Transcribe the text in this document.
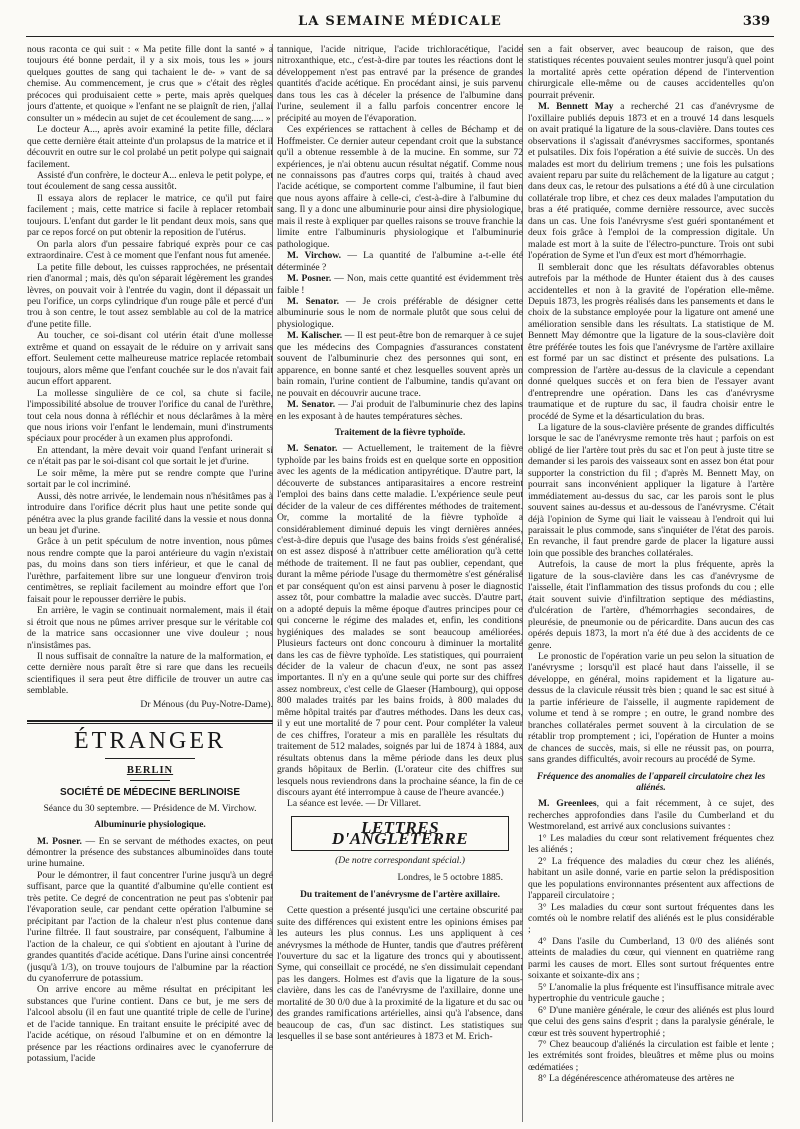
LA SEMAINE MÉDICALE	339

nous raconta ce qui suit : « Ma petite fille dont la santé » a toujours été bonne perdait, il y a six mois, tous les » jours quelques gouttes de sang qui tachaient le de- » vant de sa chemise. Au commencement, je crus que » c'était des règles précoces qui produisaient cette » perte, mais après quelques jours d'attente, et quoique » l'enfant ne se plaignît de rien, j'allai consulter un » médecin au sujet de cet écoulement de sang..... »

Le docteur A..., après avoir examiné la petite fille, déclara que cette dernière était atteinte d'un prolapsus de la matrice et il découvrit en outre sur le col prolabé un petit polype qui saignait facilement.

Assisté d'un confrère, le docteur A... enleva le petit polype, et tout écoulement de sang cessa aussitôt.

Il essaya alors de replacer le matrice, ce qu'il put faire facilement ; mais, cette matrice si facile à replacer retombait toujours. L'enfant dut garder le lit pendant deux mois, sans que par ce repos forcé on put obtenir la reposition de l'utérus.

On parla alors d'un pessaire fabriqué exprès pour ce cas extraordinaire. C'est à ce moment que l'enfant nous fut amenée.

La petite fille debout, les cuisses rapprochées, ne présentait rien d'anormal ; mais, dès qu'on séparait légèrement les grandes lèvres, on pouvait voir à l'entrée du vagin, dont il dépassait un peu l'orifice, un corps cylindrique d'un rouge pâle et percé d'un trou à son centre, le tout assez semblable au col de la matrice d'une petite fille.

Au toucher, ce soi-disant col utérin était d'une mollesse extrême et quand on essayait de le réduire on y arrivait sans effort. Seulement cette malheureuse matrice replacée retombait toujours, alors même que l'enfant couchée sur le dos n'avait fait aucun effort apparent.

La mollesse singulière de ce col, sa chute si facile, l'impossibilité absolue de trouver l'orifice du canal de l'urèthre, tout cela nous donna à réfléchir et nous déclarâmes à la mère que nous irions voir l'enfant le lendemain, muni d'instruments spéciaux pour procéder à un examen plus approfondi.

En attendant, la mère devait voir quand l'enfant urinerait si ce n'était pas par le soi-disant col que sortait le jet d'urine.

Le soir même, la mère put se rendre compte que l'urine sortait par le col incriminé.

Aussi, dès notre arrivée, le lendemain nous n'hésitâmes pas à introduire dans l'orifice décrit plus haut une petite sonde qui pénétra avec la plus grande facilité dans la vessie et nous donna un beau jet d'urine.

Grâce à un petit spéculum de notre invention, nous pûmes nous rendre compte que la paroi antérieure du vagin n'existait pas, du moins dans son tiers inférieur, et que le canal de l'urèthre, parfaitement libre sur une longueur d'environ trois centimètres, se repliait facilement au moindre effort que l'on faisait pour le repousser derrière le pubis.

En arrière, le vagin se continuait normalement, mais il était si étroit que nous ne pûmes arriver presque sur le véritable col de la matrice sans occasionner une vive douleur ; nous n'insistâmes pas.

Il nous suffisait de connaître la nature de la malformation, et cette dernière nous paraît être si rare que dans les recueils scientifiques il sera peut être difficile de trouver un autre cas semblable.

Dr Ménous (du Puy-Notre-Dame).

ÉTRANGER
BERLIN
SOCIÉTÉ DE MÉDECINE BERLINOISE

Séance du 30 septembre. — Présidence de M. Virchow.

Albuminurie physiologique.

M. Posner. — En se servant de méthodes exactes, on peut démontrer la présence des substances albuminoïdes dans toute urine humaine.

Pour le démontrer, il faut concentrer l'urine jusqu'à un degré suffisant, parce que la quantité d'albumine qu'elle contient est très petite. Ce degré de concentration ne peut pas s'obtenir par l'évaporation seule, car pendant cette opération l'albumine se précipitant par l'action de la chaleur n'est plus contenue dans l'urine filtrée. Il faut soustraire, par conséquent, l'albumine à l'action de la chaleur, ce qui s'obtient en ajoutant à l'urine de grandes quantités d'acide acétique. Dans l'urine ainsi concentrée (jusqu'à 1/3), on trouve toujours de l'albumine par la réaction du cyanoferrure de potassium.

On arrive encore au même résultat en précipitant les substances que l'urine contient. Dans ce but, je me sers de l'alcool absolu (il en faut une quantité triple de celle de l'urine) et de l'acide tannique. En traitant ensuite le précipité avec de l'acide acétique, on résoud l'albumine et on en démontre la présence par les réactions ordinaires avec le cyanoferrure de potassium, l'acide

tannique, l'acide nitrique, l'acide trichloracétique, l'acide nitroxanthique, etc., c'est-à-dire par toutes les réactions dont le développement n'est pas entravé par la présence de grandes quantités d'acide acétique. En procédant ainsi, je suis parvenu dans tous les cas à déceler la présence de l'albumine dans l'urine, seulement il a fallu parfois concentrer encore le précipité au moyen de l'évaporation.

Ces expériences se rattachent à celles de Béchamp et de Hoffmeister. Ce dernier auteur cependant croit que la substance qu'il a obtenue ressemble à de la mucine. En somme, sur 72 expériences, je n'ai obtenu aucun résultat négatif. Comme nous ne connaissons pas d'autres corps qui, traités à chaud avec l'acide acétique, se comportent comme l'albumine, il faut bien que nous ayons affaire à celle-ci, c'est-à-dire à l'albumine du sang. Il y a donc une albuminurie pour ainsi dire physiologique, mais il reste à expliquer par quelles raisons se trouve franchie la limite entre l'albuminuris physiologique et l'albuminurie pathologique.

M. Virchow. — La quantité de l'albumine a-t-elle été déterminée ?

M. Posner. — Non, mais cette quantité est évidemment très faible !

M. Senator. — Je crois préférable de désigner cette albuminurie sous le nom de normale plutôt que sous celui de physiologique.

M. Kalischer. — Il est peut-être bon de remarquer à ce sujet que les médecins des Compagnies d'assurances constatent souvent de l'albuminurie chez des personnes qui sont, en apparence, en bonne santé et chez lesquelles souvent après un bain romain, l'urine contient de l'albumine, tandis qu'avant on ne pouvait en découvrir aucune trace.

M. Senator. — J'ai produit de l'albuminurie chez des lapins en les exposant à de hautes températures sèches.

Traitement de la fièvre typhoïde.

M. Senator. — Actuellement, le traitement de la fièvre typhoïde par les bains froids est en quelque sorte en opposition avec les agents de la médication antipyrétique. D'autre part, la découverte de substances antiparasitaires a encore restreint l'emploi des bains dans cette maladie. L'expérience seule peut décider de la valeur de ces différentes méthodes de traitement. Or, comme la mortalité de la fièvre typhoïde a considérablement diminué depuis les vingt dernières années, c'est-à-dire depuis que l'usage des bains froids s'est généralisé, on est assez disposé à n'attribuer cette amélioration qu'à cette méthode de traitement. Il ne faut pas oublier, cependant, que durant la même période l'usage du thermomètre s'est généralisé et par conséquent qu'on est ainsi parvenu à poser le diagnostic assez tôt, pour combattre la maladie avec succès. D'autre part, on a adopté depuis la même époque d'autres principes pour ce qui concerne le régime des malades et, enfin, les conditions hygiéniques des malades se sont beaucoup améliorées. Plusieurs facteurs ont donc concouru à diminuer la mortalité dans les cas de fièvre typhoïde. Les statistiques, qui pourraient décider de la valeur de chacun d'eux, ne sont pas assez importantes. Il n'y en a qu'une seule qui porte sur des chiffres assez nombreux, c'est celle de Glaeser (Hambourg), qui oppose 800 malades traités par les bains froids, à 800 malades du même hôpital traités par d'autres méthodes. Dans les deux cas, il y eut une mortalité de 7 pour cent. Pour compléter la valeur de ces chiffres, l'orateur a mis en parallèle les résultats du traitement de 512 malades, soignés par lui de 1874 à 1884, aux résultats obtenus dans la même période dans les deux plus grands hôpitaux de Berlin. (L'orateur cite des chiffres sur lesquels nous reviendrons dans la prochaine séance, la fin de ce discours ayant été interrompue à cause de l'heure avancée.)

La séance est levée. — Dr Villaret.

LETTRES D'ANGLETERRE

(De notre correspondant spécial.)

Londres, le 5 octobre 1885.

Du traitement de l'anévrysme de l'artère axillaire.

Cette question a présenté jusqu'ici une certaine obscurité par suite des différences qui existent entre les opinions émises par les auteurs les plus connus. Les uns appliquent à ces anévrysmes la méthode de Hunter, tandis que d'autres préfèrent l'ouverture du sac et la ligature des troncs qui y aboutissent. Syme, qui conseillait ce procédé, ne s'en dissimulait cependant pas les dangers. Holmes est d'avis que la ligature de la sous-clavière, dans les cas de l'anévrysme de l'axillaire, donne une mortalité de 30 0/0 due à la proximité de la ligature et du sac ou des grandes ramifications artérielles, ainsi qu'à l'absence, dans beaucoup de cas, d'un sac distinct. Les statistiques sur lesquelles il se base sont antérieures à 1873 et M. Erich-

sen a fait observer, avec beaucoup de raison, que des statistiques récentes pouvaient seules montrer jusqu'à quel point la mortalité après cette opération dépend de l'intervention chirurgicale elle-même ou de causes accidentelles qu'on pourrait prévenir.

M. Bennett May a recherché 21 cas d'anévrysme de l'oxillaire publiés depuis 1873 et en a trouvé 14 dans lesquels on avait pratiqué la ligature de la sous-clavière. Dans toutes ces observations il s'agissait d'anévrysmes sacciformes, spontanés et pulsatiles. Dix fois l'opération a été suivie de succès. Un des malades est mort du delirium tremens ; une fois les pulsations avaient reparu par suite du relâchement de la ligature au catgut ; dans deux cas, le retour des pulsations a été dû à une circulation collatérale trop libre, et chez ces deux malades l'amputation du bras a été pratiquée, comme dernière ressource, avec succès dans un cas. Une fois l'anévrysme s'est guéri spontanément et deux fois grâce à l'emploi de la compression digitale. Un malade est mort à la suite de l'électro-puncture. Trois ont subi l'opération de Syme et l'un d'eux est mort d'hémorrhagie.

Il semblerait donc que les résultats défavorables obtenus autrefois par la méthode de Hunter étaient dus à des causes accidentelles et non à la gravité de l'opération elle-même. Depuis 1873, les progrès réalisés dans les pansements et dans le choix de la substance employée pour la ligature ont amené une amélioration sensible dans les résultats. La statistique de M. Bennett May démontre que la ligature de la sous-clavière doit être préférée toutes les fois que l'anévrysme de l'artère axillaire est formé par un sac distinct et présente des pulsations. La compression de l'artère au-dessus de la clavicule a cependant donné quelques succès et on fera bien de l'essayer avant d'entreprendre une opération. Dans les cas d'anévrysme traumatique et de rupture du sac, il faudra choisir entre le procédé de Syme et la désarticulation du bras.

La ligature de la sous-clavière présente de grandes difficultés lorsque le sac de l'anévrysme remonte très haut ; parfois on est obligé de lier l'artère tout près du sac et l'on peut à juste titre se demander si les parois des vaisseaux sont en assez bon état pour supporter la constriction du fil ; d'après M. Bennett May, on pourrait sans inconvénient appliquer la ligature à l'artère immédiatement au-dessus du sac, car les parois sont le plus souvent saines au-dessus et au-dessous de l'anévrysme. C'était déjà l'opinion de Syme qui liait le vaisseau à l'endroit qui lui paraissait le plus commode, sans s'inquiéter de l'état des parois. En revanche, il faut prendre garde de placer la ligature aussi loin que possible des branches collatérales.

Autrefois, la cause de mort la plus fréquente, après la ligature de la sous-clavière dans les cas d'anévrysme de l'aisselle, était l'inflammation des tissus profonds du cou ; elle était souvent suivie d'infiltration septique des médiastins, d'ulcération de l'artère, d'hémorrhagies secondaires, de pleurésie, de pneumonie ou de péricardite. Dans aucun des cas opérés depuis 1873, la mort n'a été due à des accidents de ce genre.

Le pronostic de l'opération varie un peu selon la situation de l'anévrysme ; lorsqu'il est placé haut dans l'aisselle, il se développe, en général, moins rapidement et la ligature au-dessus de la clavicule réussit très bien ; quand le sac est situé à la partie inférieure de l'aisselle, il augmente rapidement de volume et tend à se rompre ; en outre, le grand nombre des branches collatérales permet souvent à la circulation de se rétablir trop promptement ; ici, l'opération de Hunter a moins de chances de succès, mais, si elle ne réussit pas, on pourra, sans grandes difficultés, avoir recours au procédé de Syme.

Fréquence des anomalies de l'appareil circulatoire chez les aliénés.

M. Greenlees, qui a fait récemment, à ce sujet, des recherches approfondies dans l'asile du Cumberland et du Westmoreland, est arrivé aux conclusions suivantes :

1° Les maladies du cœur sont relativement fréquentes chez les aliénés ;

2° La fréquence des maladies du cœur chez les aliénés, habitant un asile donné, varie en partie selon la prédisposition que les populations environnantes présentent aux affections de l'appareil circulatoire ;

3° Les maladies du cœur sont surtout fréquentes dans les comtés où le nombre relatif des aliénés est le plus considérable ;

4° Dans l'asile du Cumberland, 13 0/0 des aliénés sont atteints de maladies du cœur, qui viennent en quatrième rang parmi les causes de mort. Elles sont surtout fréquentes entre soixante et soixante-dix ans ;

5° L'anomalie la plus fréquente est l'insuffisance mitrale avec hypertrophie du ventricule gauche ;

6° D'une manière générale, le cœur des aliénés est plus lourd que celui des gens sains d'esprit ; dans la paralysie générale, le cœur est très souvent hypertrophié ;

7° Chez beaucoup d'aliénés la circulation est faible et lente ; les extrémités sont froides, bleuâtres et même plus ou moins œdématiées ;

8° La dégénérescence athéromateuse des artères ne
